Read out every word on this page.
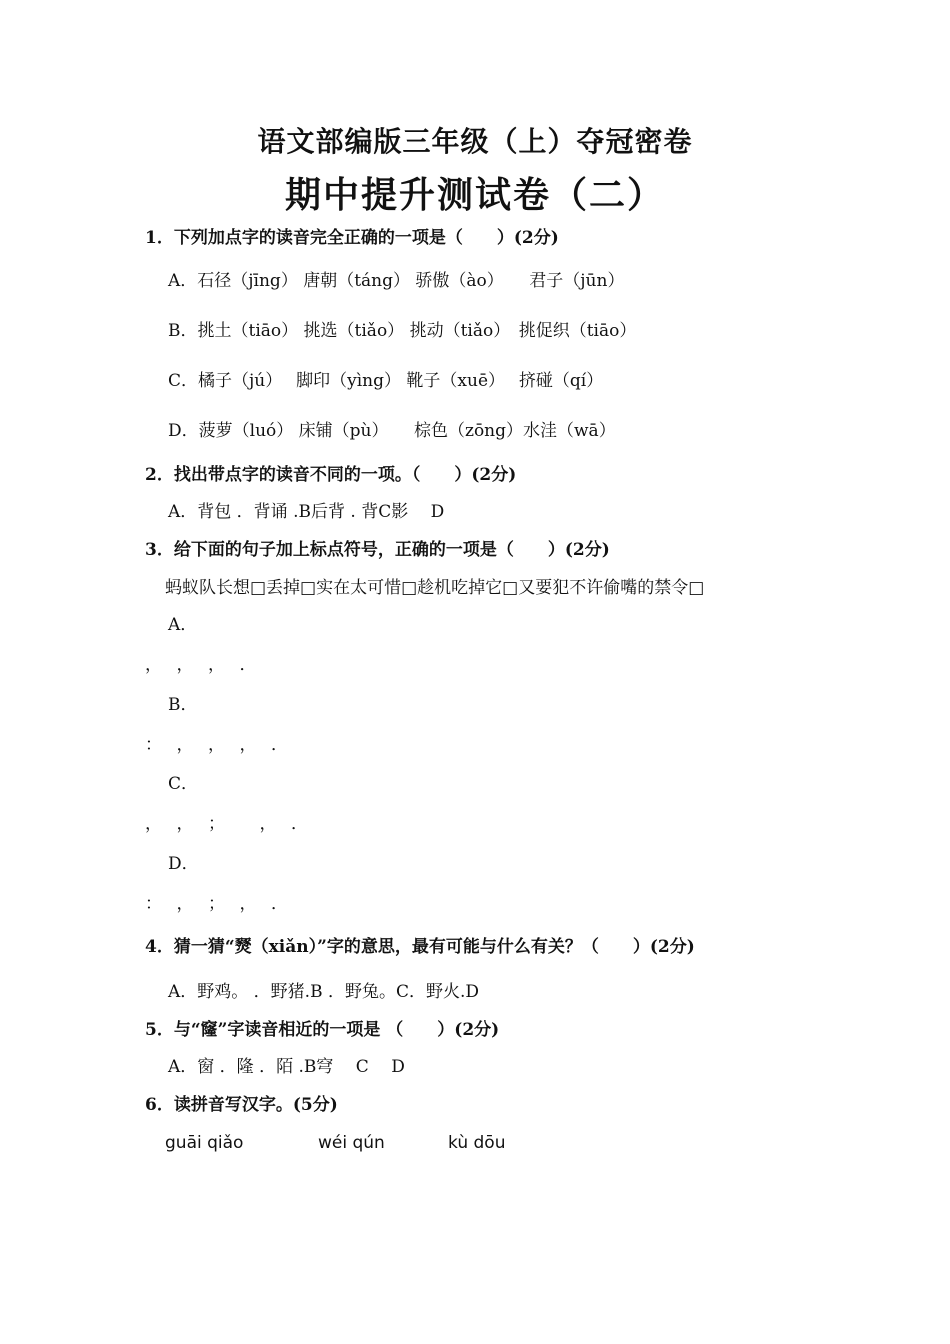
语文部编版三年级（上）夺冠密卷
期中提升测试卷（二）
1．下列加点字的读音完全正确的一项是（　　）(2分)
A．石径（jīng） 唐朝（táng） 骄傲（ào）　　君子（jūn）
B．挑土（tiāo） 挑选（tiǎo） 挑动（tiǎo）　挑促织（tiāo）
C．橘子（jú）　 脚印（yìng） 靴子（xuē）　 挤碰（qí）
D．菠萝（luó） 床铺（pù）　　棕色（zōng）水洼（wā）
2．找出带点字的读音不同的一项。（　　）(2分)
A．背包 ．背诵 .B后背 . 背C影　 D
3．给下面的句子加上标点符号，正确的一项是（　　）(2分)
蚂蚁队长想□丢掉□实在太可惜□趁机吃掉它□又要犯不许偷嘴的禁令□
A．
，　，　，　．
B．
：　，　，　，　．
C．
，　，　；　　，　．
D．
：　，　；　，　．
4．猜一猜“燹（xiǎn）”字的意思，最有可能与什么有关？（　　）(2分)
A．野鸡。 ．野猪.B ．野兔。C．野火.D
5．与“窿”字读音相近的一项是 （　　）(2分)
A．窗 ．隆 ．陌 .B穹　 C　 D
6．读拼音写汉字。(5分)
guāi qiǎo	wéi qún	kù dōu
